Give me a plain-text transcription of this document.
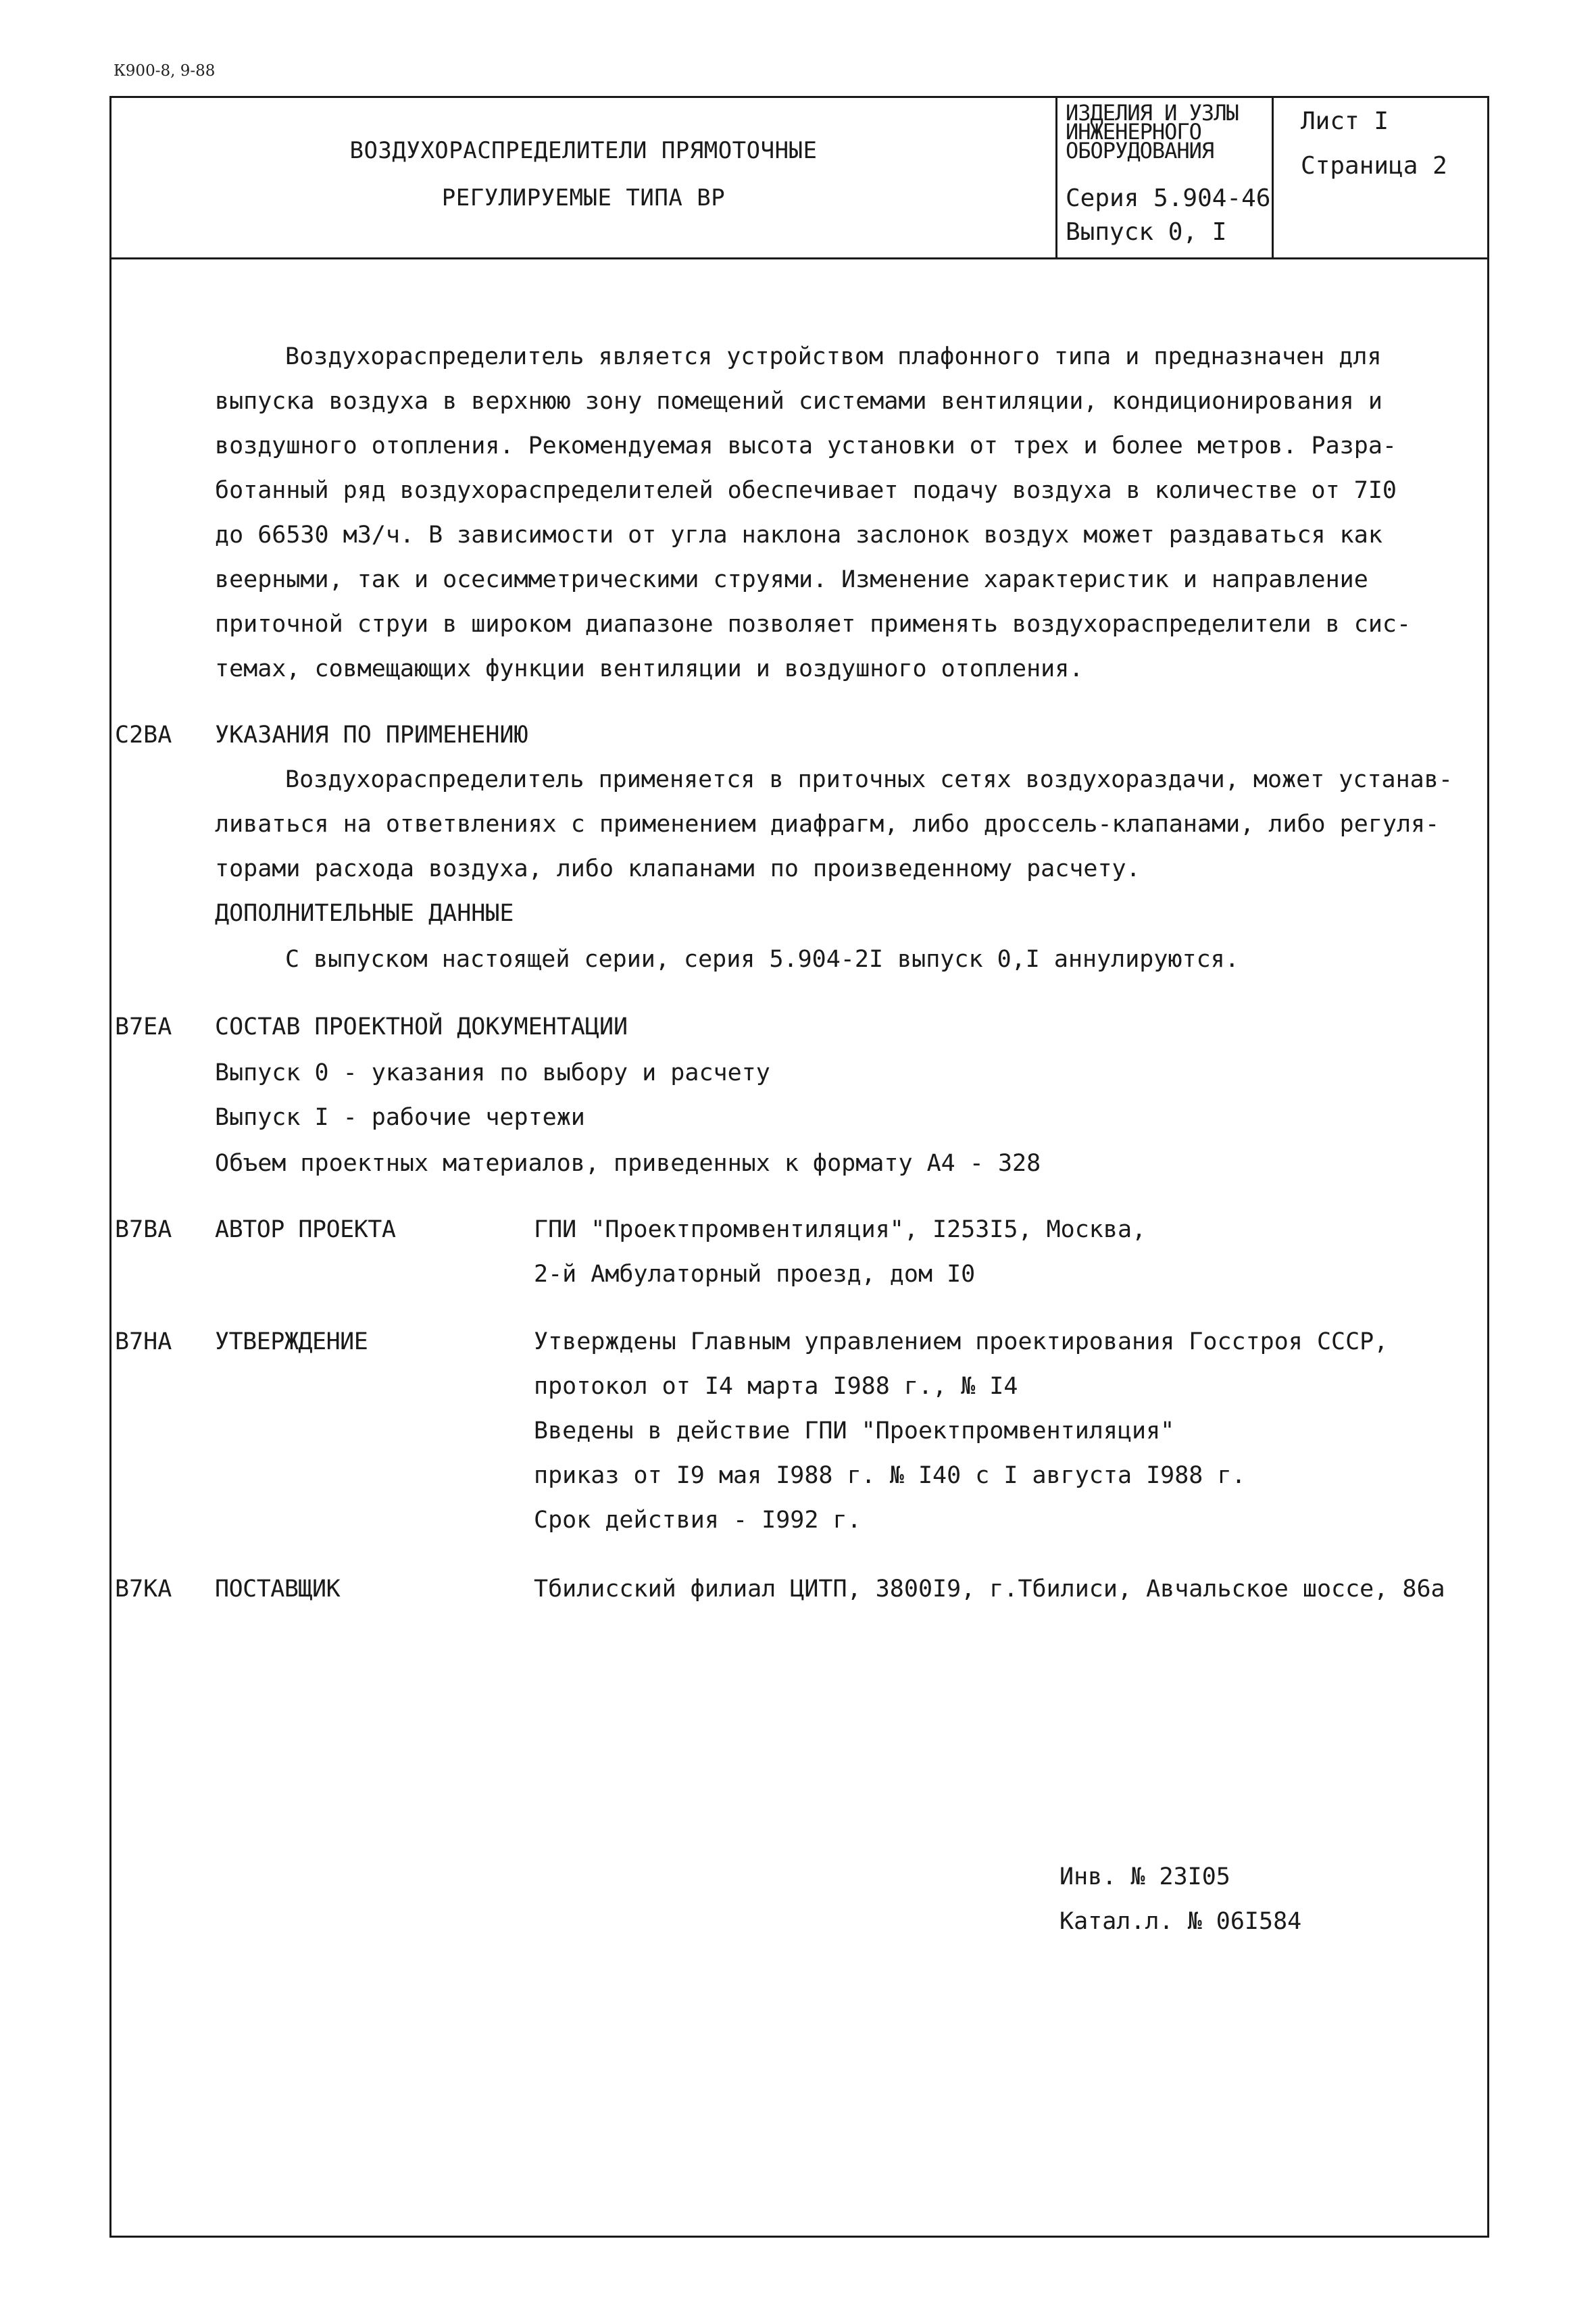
К900-8, 9-88
ВОЗДУХОРАСПРЕДЕЛИТЕЛИ ПРЯМОТОЧНЫЕ
РЕГУЛИРУЕМЫЕ ТИПА ВР
ИЗДЕЛИЯ И УЗЛЫ
ИНЖЕНЕРНОГО
ОБОРУДОВАНИЯ
Серия 5.904-46
Выпуск 0, I
Лист I
Страница 2
Воздухораспределитель является устройством плафонного типа и предназначен для
выпуска воздуха в верхнюю зону помещений системами вентиляции, кондиционирования и
воздушного отопления. Рекомендуемая высота установки от трех и более метров. Разра-
ботанный ряд воздухораспределителей обеспечивает подачу воздуха в количестве от 7I0
до 66530 м3/ч. В зависимости от угла наклона заслонок воздух может раздаваться как
веерными, так и осесимметрическими струями. Изменение характеристик и направление
приточной струи в широком диапазоне позволяет применять воздухораспределители в сис-
темах, совмещающих функции вентиляции и воздушного отопления.
С2ВА УКАЗАНИЯ ПО ПРИМЕНЕНИЮ
Воздухораспределитель применяется в приточных сетях воздухораздачи, может устанав-
ливаться на ответвлениях с применением диафрагм, либо дроссель-клапанами, либо регуля-
торами расхода воздуха, либо клапанами по произведенному расчету.
ДОПОЛНИТЕЛЬНЫЕ ДАННЫЕ
С выпуском настоящей серии, серия 5.904-2I выпуск 0,I аннулируются.
В7ЕА СОСТАВ ПРОЕКТНОЙ ДОКУМЕНТАЦИИ
Выпуск 0 - указания по выбору и расчету
Выпуск I - рабочие чертежи
Объем проектных материалов, приведенных к формату А4 - 328
В7ВА АВТОР ПРОЕКТА	ГПИ "Проектпромвентиляция", I253I5, Москва,
2-й Амбулаторный проезд, дом I0
В7НА УТВЕРЖДЕНИЕ	Утверждены Главным управлением проектирования Госстроя СССР,
протокол от I4 марта I988 г., № I4
Введены в действие ГПИ "Проектпромвентиляция"
приказ от I9 мая I988 г. № I40 с I августа I988 г.
Срок действия - I992 г.
В7КА ПОСТАВЩИК	Тбилисский филиал ЦИТП, 3800I9, г.Тбилиси, Авчальское шоссе, 86а
Инв. № 23I05
Катал.л. № 06I584
